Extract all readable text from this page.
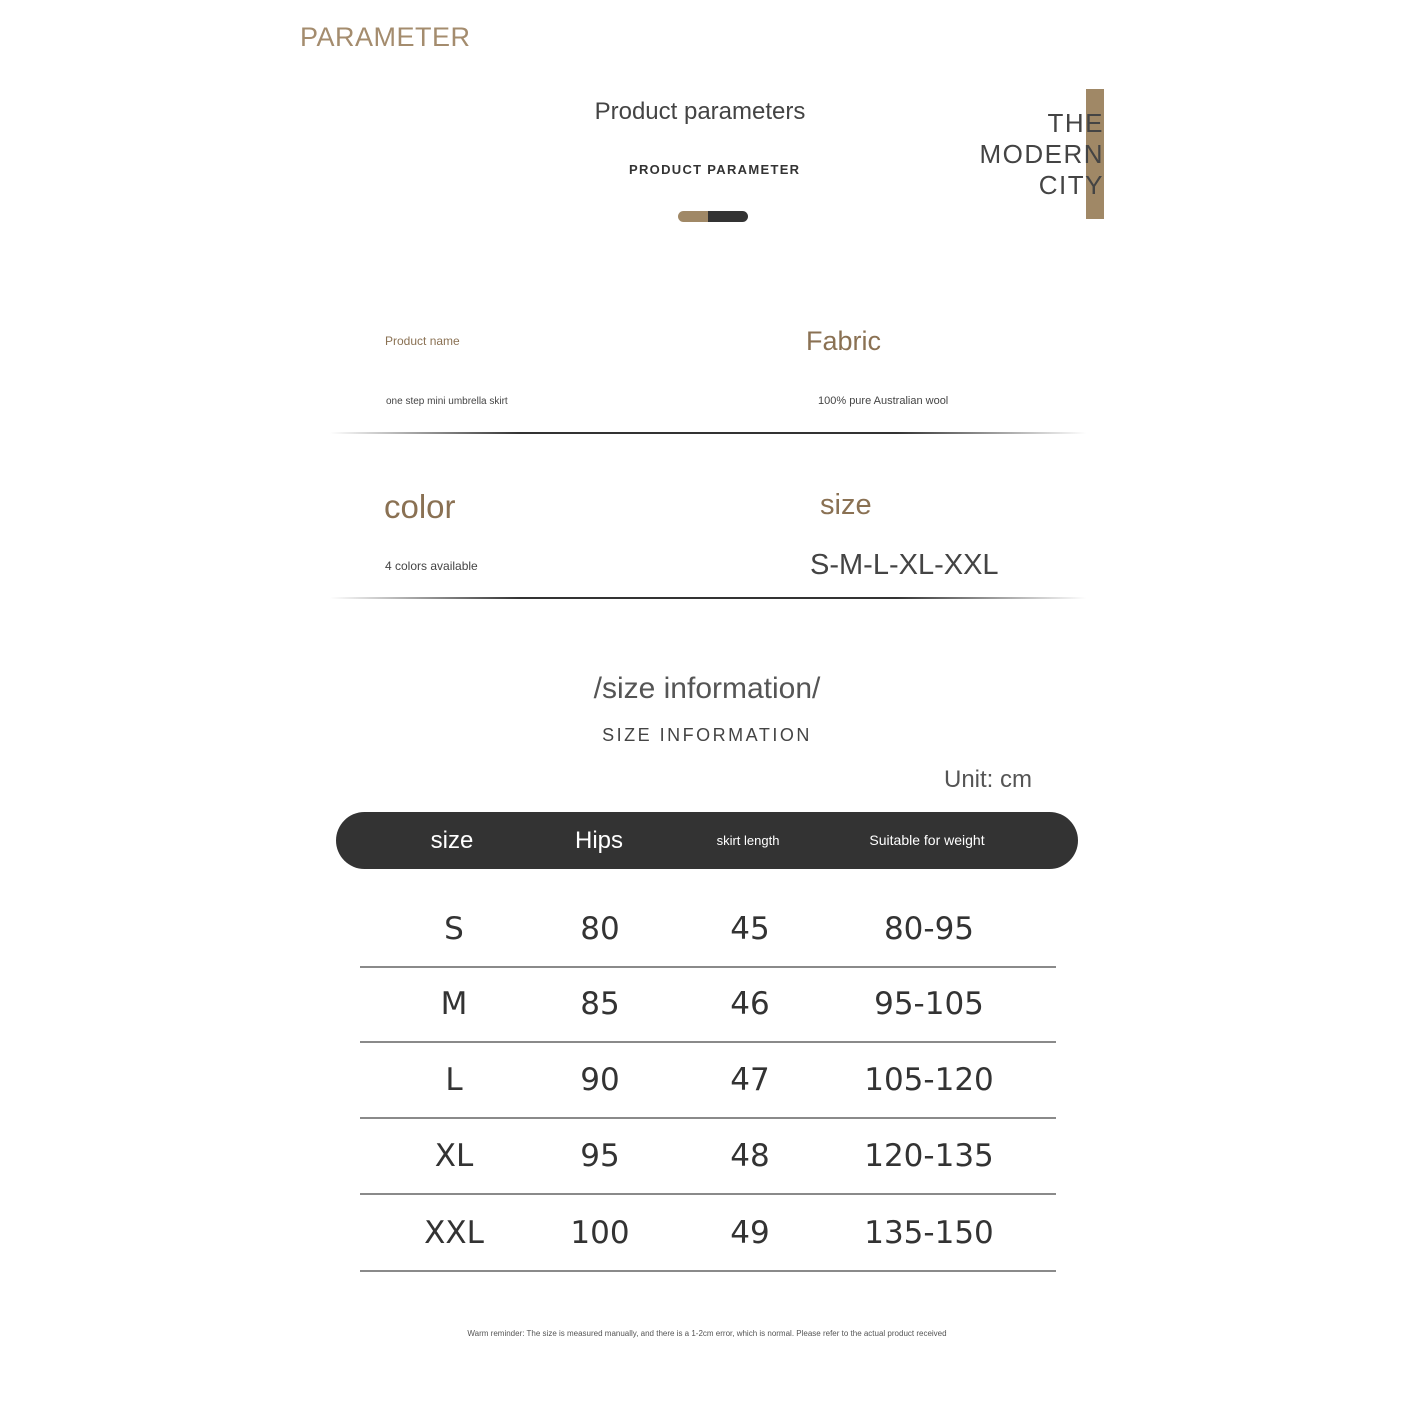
PARAMETER
Product parameters
PRODUCT PARAMETER
THE
MODERN
CITY
Product name
one step mini umbrella skirt
Fabric
100% pure Australian wool
color
4 colors available
size
S-M-L-XL-XXL
/size information/
SIZE INFORMATION
Unit: cm
size	Hips	skirt length	Suitable for weight
S	80	45	80-95
M	85	46	95-105
L	90	47	105-120
XL	95	48	120-135
XXL	100	49	135-150
Warm reminder: The size is measured manually, and there is a 1-2cm error, which is normal. Please refer to the actual product received
